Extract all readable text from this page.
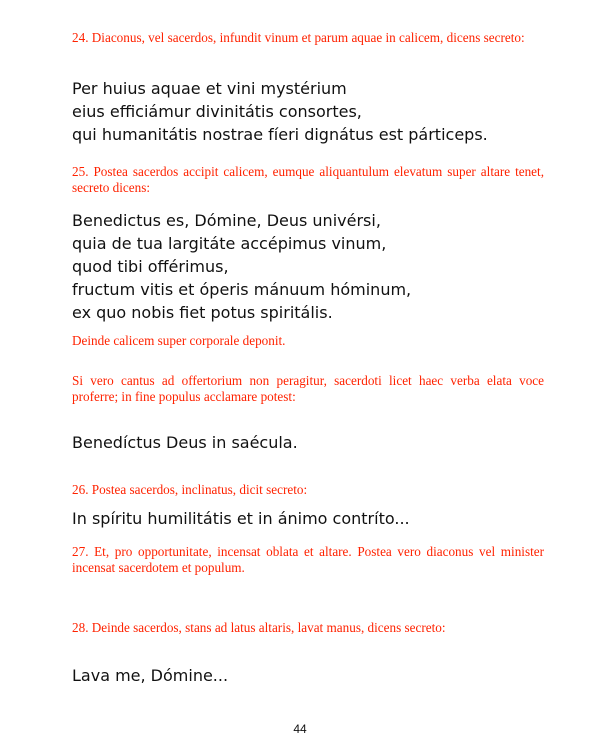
24. Diaconus, vel sacerdos, infundit vinum et parum aquae in calicem, dicens secreto:

Per huius aquae et vini mystérium
eius efficiámur divinitátis consortes,
qui humanitátis nostrae fíeri dignátus est párticeps.

25. Postea sacerdos accipit calicem, eumque aliquantulum elevatum super altare tenet, secreto dicens:

Benedictus es, Dómine, Deus univérsi,
quia de tua largitáte accépimus vinum,
quod tibi offérimus,
fructum vitis et óperis mánuum hóminum,
ex quo nobis fiet potus spiritális.

Deinde calicem super corporale deponit.

Si vero cantus ad offertorium non peragitur, sacerdoti licet haec verba elata voce proferre; in fine populus acclamare potest:

Benedíctus Deus in saécula.

26. Postea sacerdos, inclinatus, dicit secreto:

In spíritu humilitátis et in ánimo contríto...

27. Et, pro opportunitate, incensat oblata et altare. Postea vero diaconus vel minister incensat sacerdotem et populum.

28. Deinde sacerdos, stans ad latus altaris, lavat manus, dicens secreto:

Lava me, Dómine...
44
